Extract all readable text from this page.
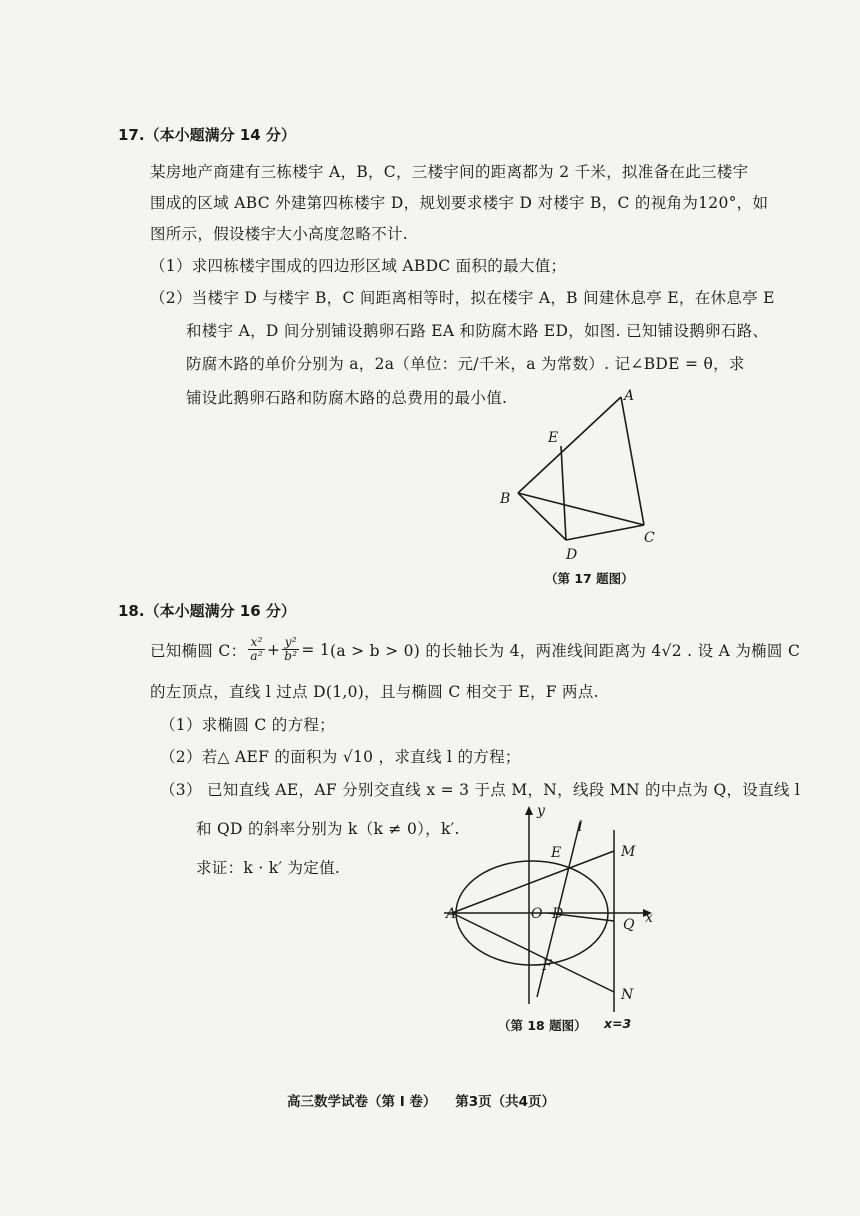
17.（本小题满分 14 分）
某房地产商建有三栋楼宇 A，B，C，三楼宇间的距离都为 2 千米，拟准备在此三楼宇
围成的区域 ABC 外建第四栋楼宇 D，规划要求楼宇 D 对楼宇 B，C 的视角为120°，如
图所示，假设楼宇大小高度忽略不计.
（1）求四栋楼宇围成的四边形区域 ABDC 面积的最大值；
（2）当楼宇 D 与楼宇 B，C 间距离相等时，拟在楼宇 A，B 间建休息亭 E，在休息亭 E
和楼宇 A，D 间分别铺设鹅卵石路 EA 和防腐木路 ED，如图. 已知铺设鹅卵石路、
防腐木路的单价分别为 a，2a（单位：元/千米，a 为常数）. 记∠BDE = θ，求
铺设此鹅卵石路和防腐木路的总费用的最小值.	A
B
C
D
E
（第 17 题图）
18.（本小题满分 16 分）
已知椭圆 C： x²
$a^2 + \frac{\text{y²}}{\text{b²}} = 1$ (a > b > 0) 的长轴长为 4，两准线间距离为 4√2 . 设 A 为椭圆 C
的左顶点，直线 l 过点 D(1,0)，且与椭圆 C 相交于 E，F 两点.
（1）求椭圆 C 的方程；
（2）若△ AEF 的面积为 √10 ，求直线 l 的方程；
（3） 已知直线 AE，AF 分别交直线 x = 3 于点 M，N，线段 MN 的中点为 Q，设直线 l
和 QD 的斜率分别为 k（k ≠ 0），k′.
求证：k · k′ 为定值.
y
l
E	M
A	O D
Q x
F
N
（第 18 题图） x=3
高三数学试卷（第 I 卷）    第3页（共4页）
